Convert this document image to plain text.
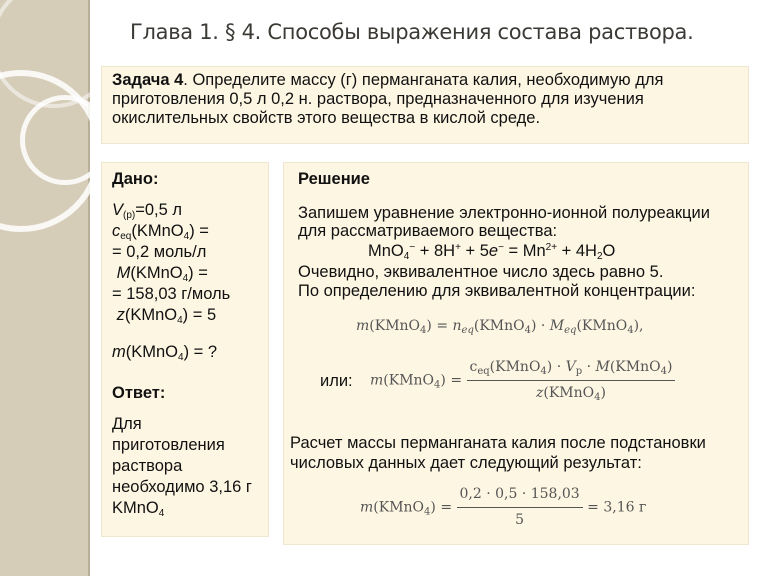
Глава 1. § 4. Способы выражения состава раствора.
Задача 4. Определите массу (г) перманганата калия, необходимую для приготовления 0,5 л 0,2 н. раствора, предназначенного для изучения окислительных свойств этого вещества в кислой среде.
Дано:
$V_{(p)}=0,5$ л
$c_{eq}(KMnO_4)$ =
= 0,2 моль/л
M(KMnO$_4$) =
= 158,03 г/моль
z(KMnO$_4$) = 5
m(KMnO$_4$) = ?
Ответ:
Для приготовления раствора необходимо 3,16 г KMnO$_4$
Решение
Запишем уравнение электронно-ионной полуреакции
для рассматриваемого вещества:
$MnO_4^- + 8H^+ + 5e^- = Mn^{2+} + 4H_2O$
Очевидно, эквивалентное число здесь равно 5.
По определению для эквивалентной концентрации:
m(KMnO$_4$) = $n_{eq}(KMnO_4)$ · $M_{eq}(KMnO_4)$,
или: m(KMnO$_4$) = $\frac{c_{eq}(KMnO_4) \cdot V_p \cdot M(KMnO_4)}{z(KMnO_4)}$
Расчет массы перманганата калия после подстановки
числовых данных дает следующий результат:
m(KMnO$_4$) = $\frac{0,2 \cdot 0,5 \cdot 158,03}{5} = 3,16$ г
